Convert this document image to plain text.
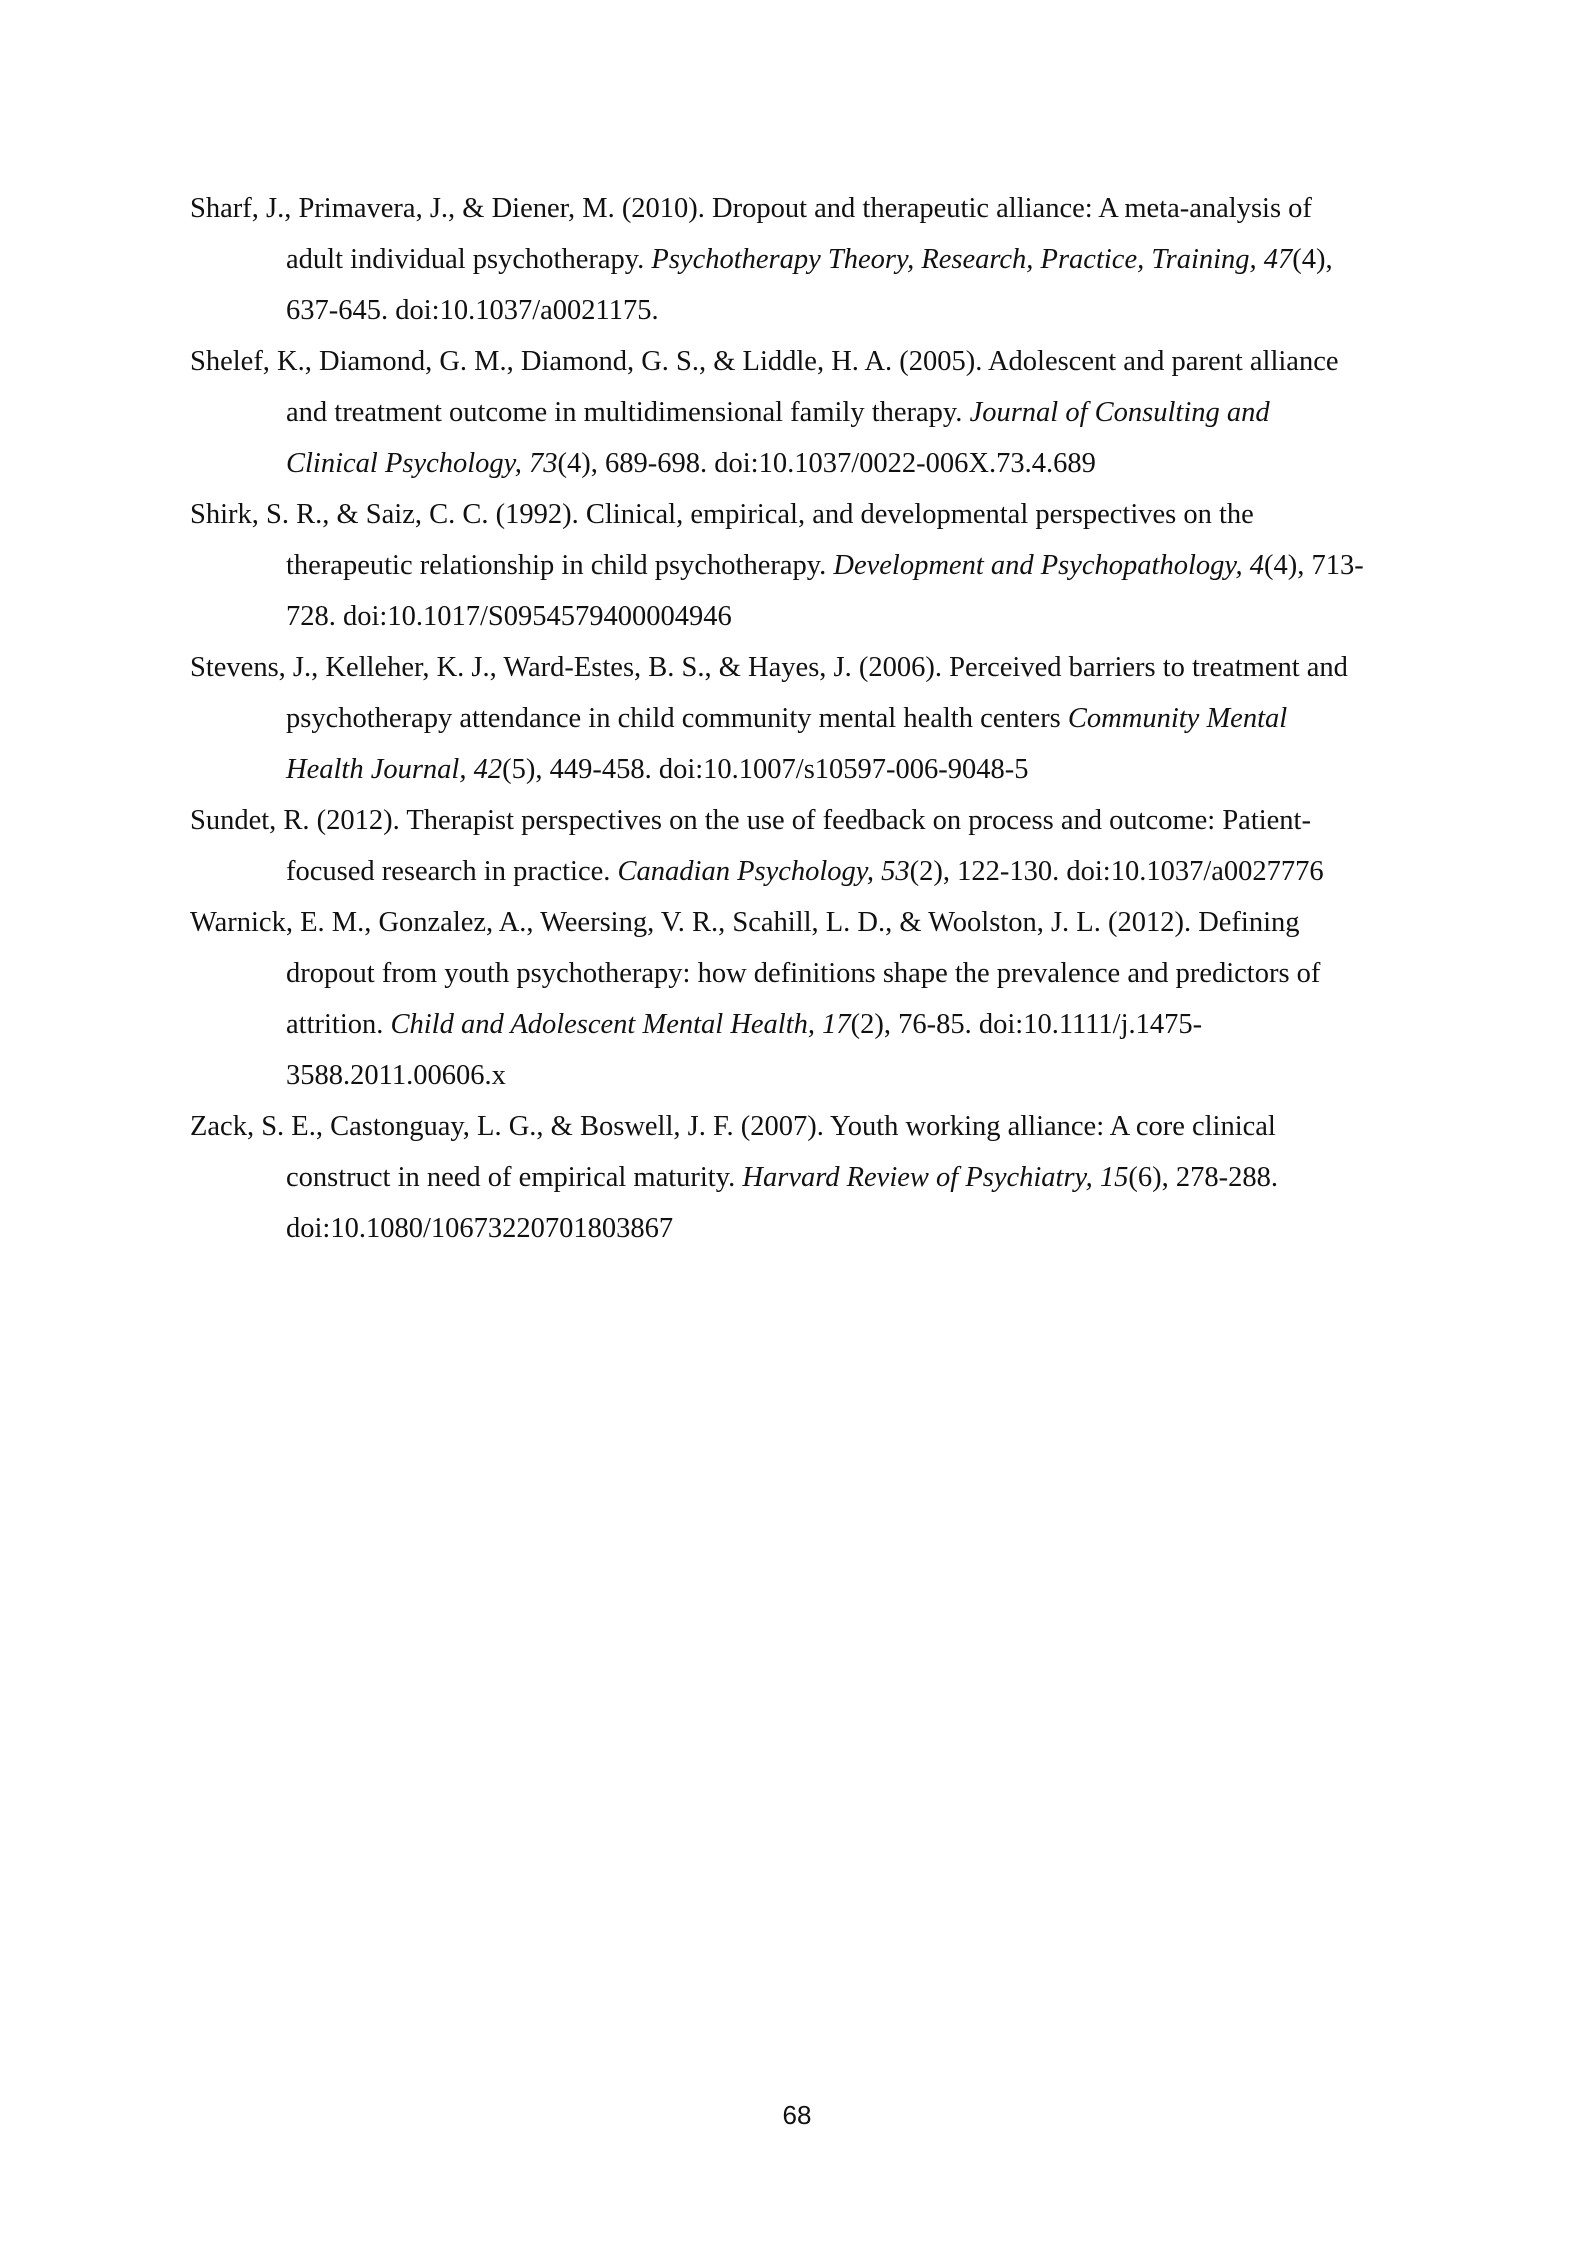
Sharf, J., Primavera, J., & Diener, M. (2010). Dropout and therapeutic alliance: A meta-analysis of
adult individual psychotherapy. Psychotherapy Theory, Research, Practice, Training, 47(4),
637-645. doi:10.1037/a0021175.

Shelef, K., Diamond, G. M., Diamond, G. S., & Liddle, H. A. (2005). Adolescent and parent alliance
and treatment outcome in multidimensional family therapy. Journal of Consulting and
Clinical Psychology, 73(4), 689-698. doi:10.1037/0022-006X.73.4.689

Shirk, S. R., & Saiz, C. C. (1992). Clinical, empirical, and developmental perspectives on the
therapeutic relationship in child psychotherapy. Development and Psychopathology, 4(4), 713-
728. doi:10.1017/S0954579400004946

Stevens, J., Kelleher, K. J., Ward-Estes, B. S., & Hayes, J. (2006). Perceived barriers to treatment and
psychotherapy attendance in child community mental health centers Community Mental
Health Journal, 42(5), 449-458. doi:10.1007/s10597-006-9048-5

Sundet, R. (2012). Therapist perspectives on the use of feedback on process and outcome: Patient-
focused research in practice. Canadian Psychology, 53(2), 122-130. doi:10.1037/a0027776

Warnick, E. M., Gonzalez, A., Weersing, V. R., Scahill, L. D., & Woolston, J. L. (2012). Defining
dropout from youth psychotherapy: how definitions shape the prevalence and predictors of
attrition. Child and Adolescent Mental Health, 17(2), 76-85. doi:10.1111/j.1475-
3588.2011.00606.x

Zack, S. E., Castonguay, L. G., & Boswell, J. F. (2007). Youth working alliance: A core clinical
construct in need of empirical maturity. Harvard Review of Psychiatry, 15(6), 278-288.
doi:10.1080/10673220701803867

68
